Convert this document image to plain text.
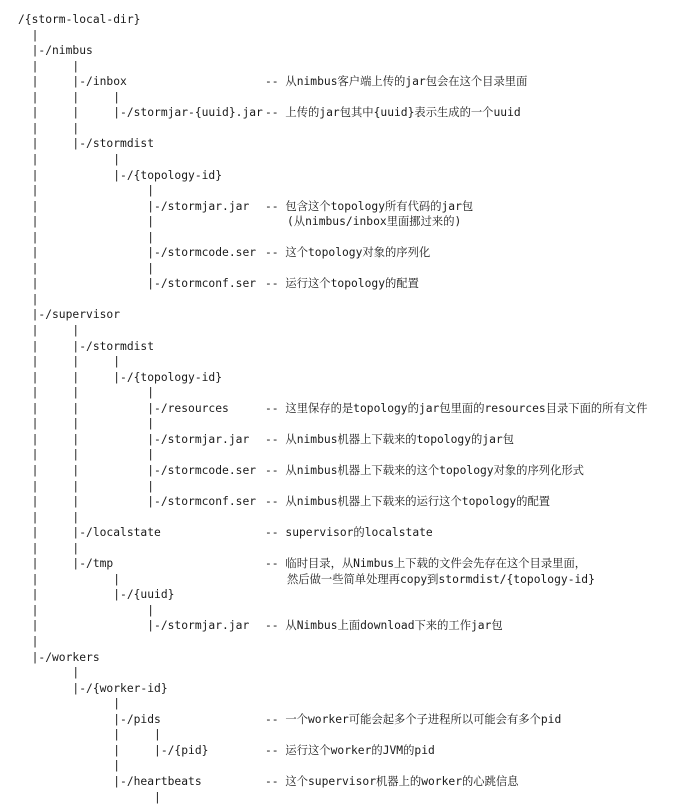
/{storm-local-dir}
|
|-/nimbus
|     |
|     |-/inbox
|     |     |
|     |     |-/stormjar-{uuid}.jar
|     |
|     |-/stormdist
|           |
|           |-/{topology-id}
|                |
|                |-/stormjar.jar
|                |
|                |
|                |-/stormcode.ser
|                |
|                |-/stormconf.ser
|
|-/supervisor
|     |
|     |-/stormdist
|     |     |
|     |     |-/{topology-id}
|     |          |
|     |          |-/resources
|     |          |
|     |          |-/stormjar.jar
|     |          |
|     |          |-/stormcode.ser
|     |          |
|     |          |-/stormconf.ser
|     |
|     |-/localstate
|     |
|     |-/tmp
|           |
|           |-/{uuid}
|                |
|                |-/stormjar.jar
|
|-/workers
|
|-/{worker-id}
|
|-/pids
|     |
|     |-/{pid}
|
|-/heartbeats
|
-- 从nimbus客户端上传的jar包会在这个目录里面
-- 上传的jar包其中{uuid}表示生成的一个uuid
-- 包含这个topology所有代码的jar包
(从nimbus/inbox里面挪过来的)
-- 这个topology对象的序列化
-- 运行这个topology的配置
-- 这里保存的是topology的jar包里面的resources目录下面的所有文件
-- 从nimbus机器上下载来的topology的jar包
-- 从nimbus机器上下载来的这个topology对象的序列化形式
-- 从nimbus机器上下载来的运行这个topology的配置
-- supervisor的localstate
-- 临时目录，从Nimbus上下载的文件会先存在这个目录里面，
然后做一些简单处理再copy到stormdist/{topology-id}
-- 从Nimbus上面download下来的工作jar包
-- 一个worker可能会起多个子进程所以可能会有多个pid
-- 运行这个worker的JVM的pid
-- 这个supervisor机器上的worker的心跳信息
